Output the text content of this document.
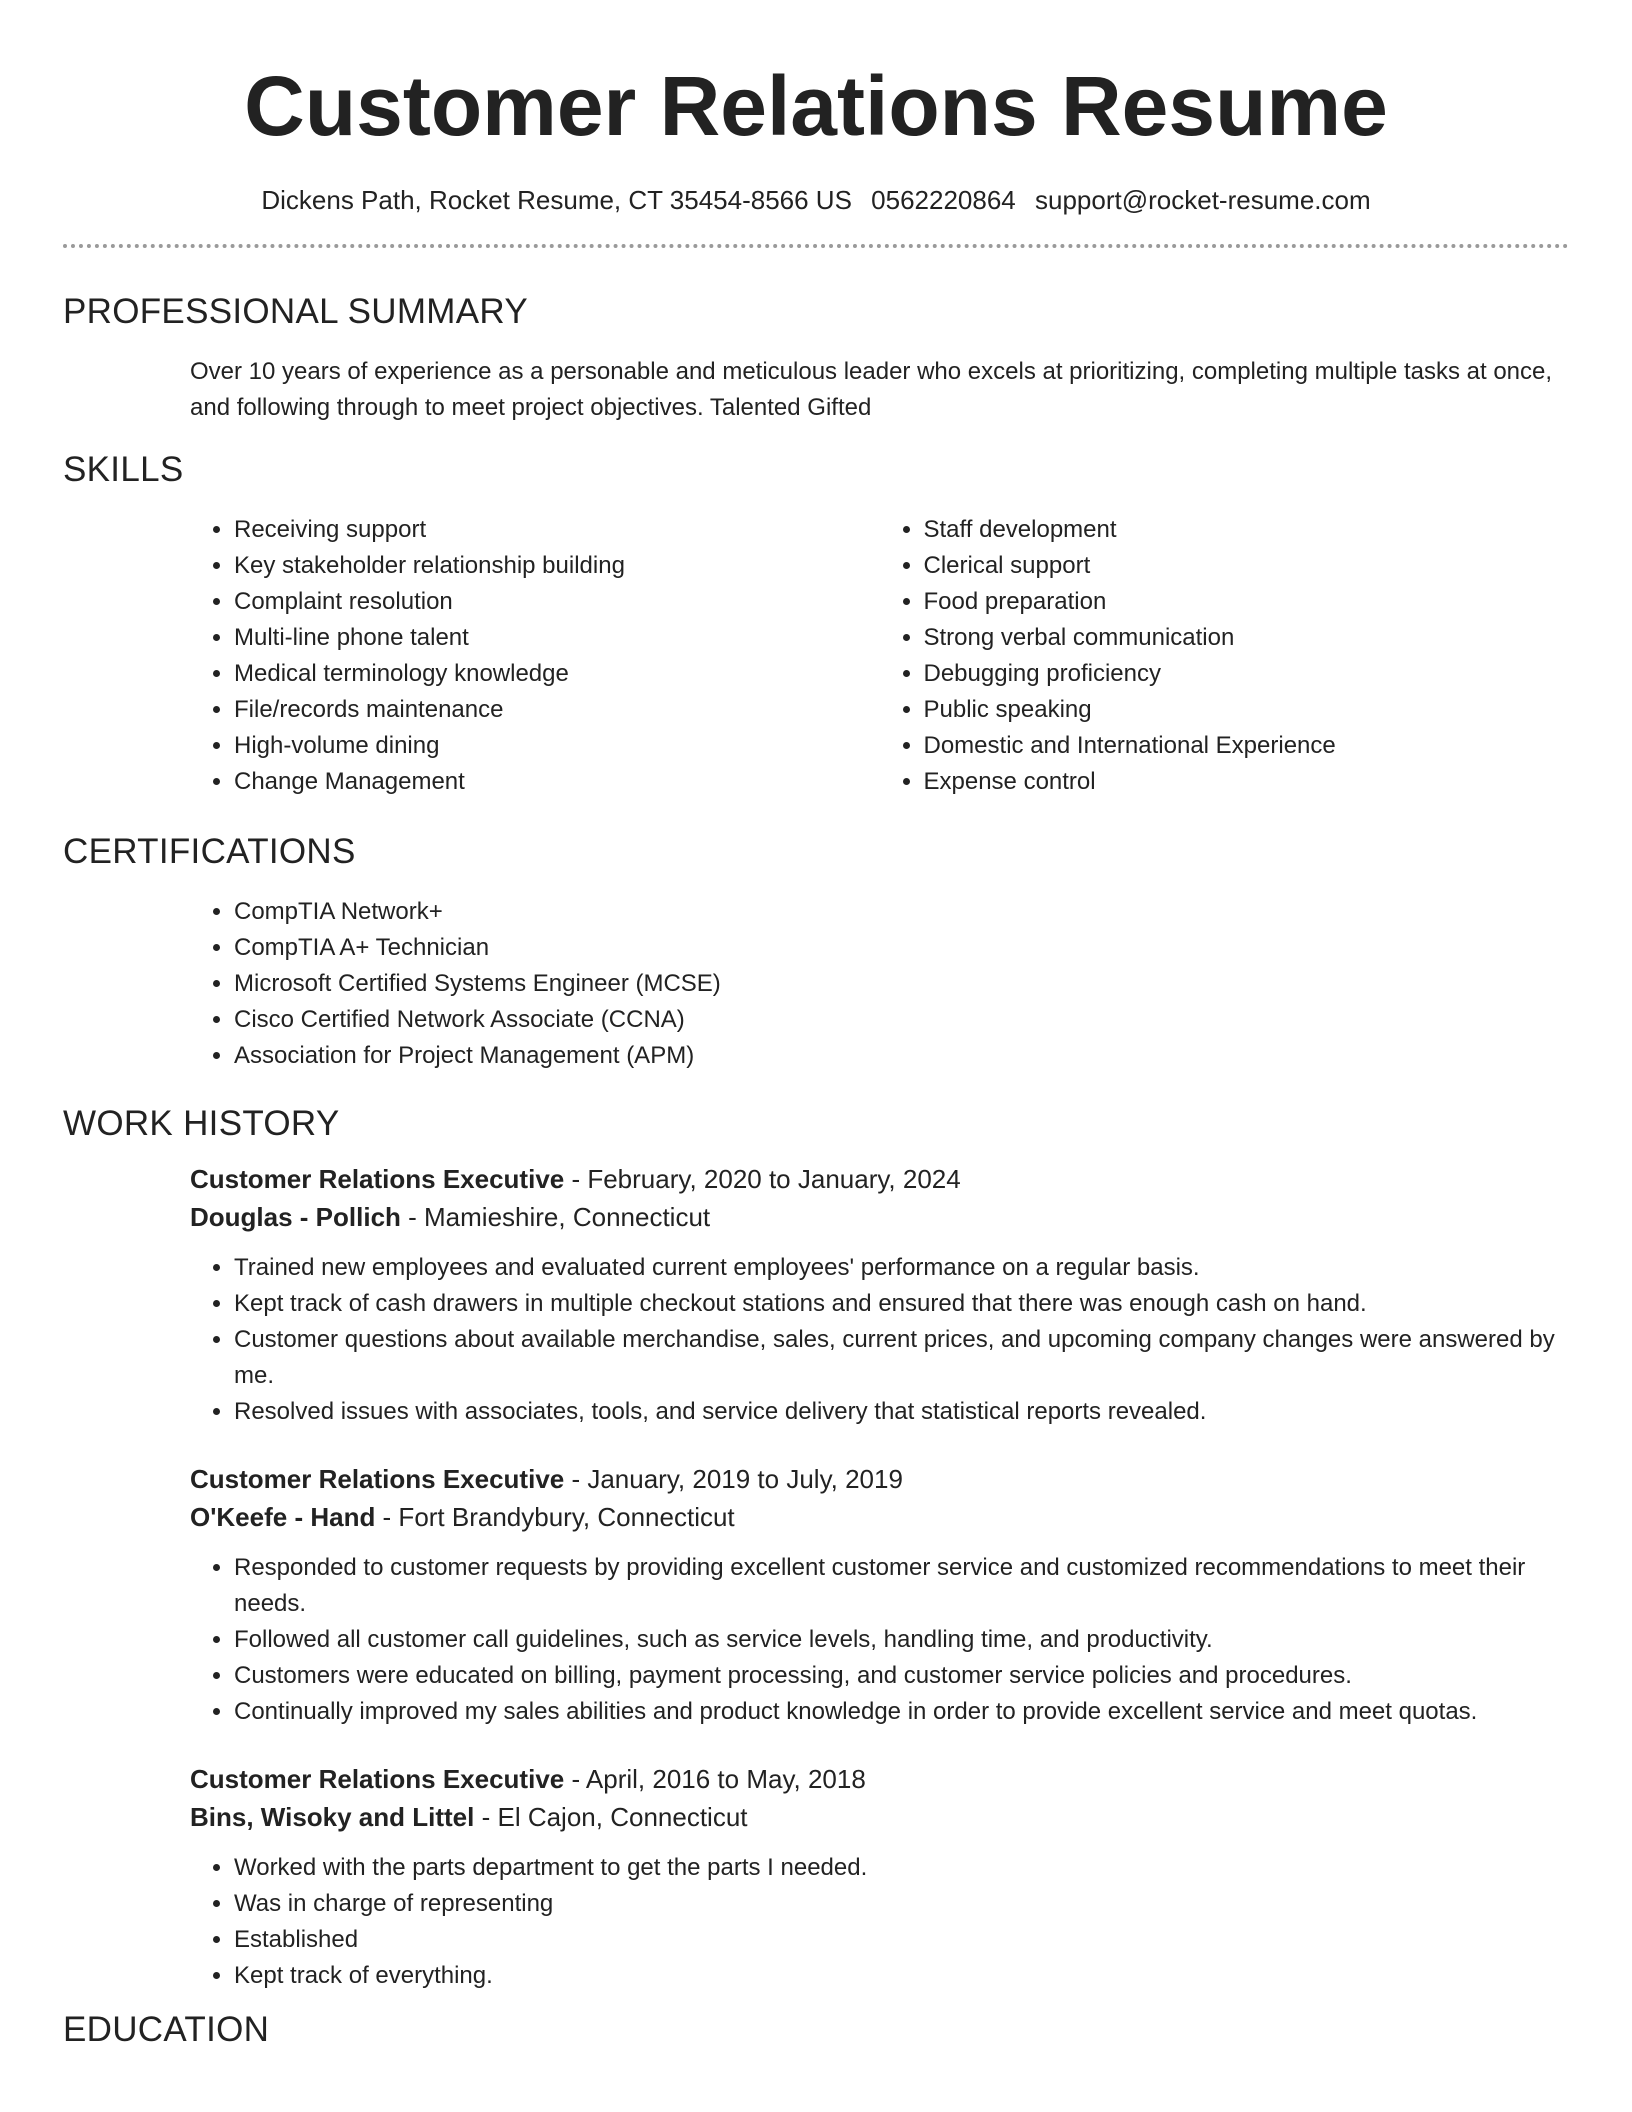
Customer Relations Resume
Dickens Path, Rocket Resume, CT 35454-8566 US 0562220864 support@rocket-resume.com
PROFESSIONAL SUMMARY
Over 10 years of experience as a personable and meticulous leader who excels at prioritizing, completing multiple tasks at once, and following through to meet project objectives. Talented Gifted
SKILLS
• Receiving support
• Key stakeholder relationship building
• Complaint resolution
• Multi-line phone talent
• Medical terminology knowledge
• File/records maintenance
• High-volume dining
• Change Management
• Staff development
• Clerical support
• Food preparation
• Strong verbal communication
• Debugging proficiency
• Public speaking
• Domestic and International Experience
• Expense control
CERTIFICATIONS
• CompTIA Network+
• CompTIA A+ Technician
• Microsoft Certified Systems Engineer (MCSE)
• Cisco Certified Network Associate (CCNA)
• Association for Project Management (APM)
WORK HISTORY
Customer Relations Executive - February, 2020 to January, 2024
Douglas - Pollich - Mamieshire, Connecticut
• Trained new employees and evaluated current employees' performance on a regular basis.
• Kept track of cash drawers in multiple checkout stations and ensured that there was enough cash on hand.
• Customer questions about available merchandise, sales, current prices, and upcoming company changes were answered by me.
• Resolved issues with associates, tools, and service delivery that statistical reports revealed.
Customer Relations Executive - January, 2019 to July, 2019
O'Keefe - Hand - Fort Brandybury, Connecticut
• Responded to customer requests by providing excellent customer service and customized recommendations to meet their needs.
• Followed all customer call guidelines, such as service levels, handling time, and productivity.
• Customers were educated on billing, payment processing, and customer service policies and procedures.
• Continually improved my sales abilities and product knowledge in order to provide excellent service and meet quotas.
Customer Relations Executive - April, 2016 to May, 2018
Bins, Wisoky and Littel - El Cajon, Connecticut
• Worked with the parts department to get the parts I needed.
• Was in charge of representing
• Established
• Kept track of everything.
EDUCATION
